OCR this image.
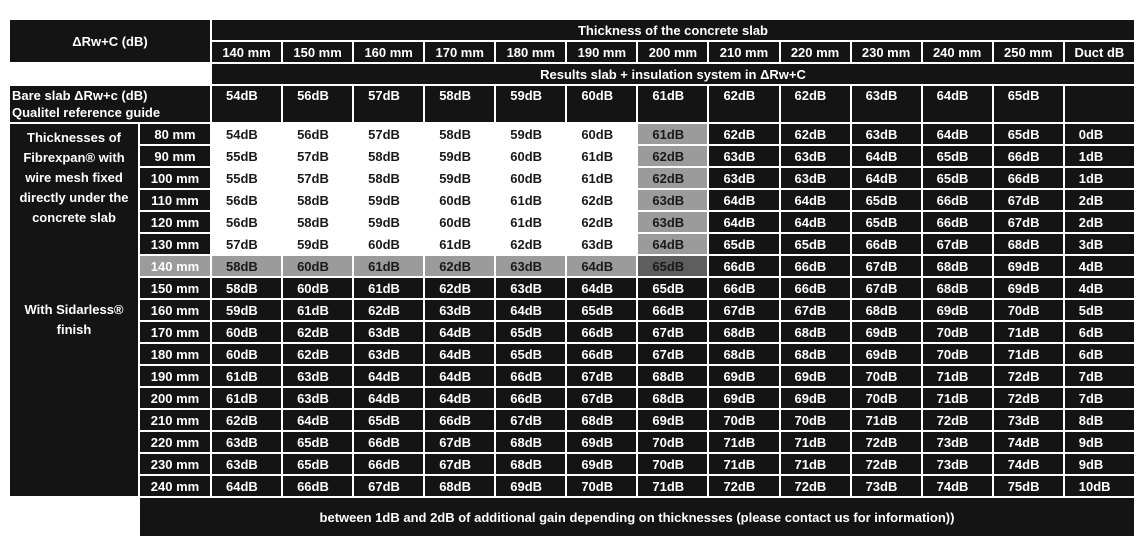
ΔRw+C (dB)		Thickness of the concrete slab												
		140 mm	150 mm	160 mm	170 mm	180 mm	190 mm	200 mm	210 mm	220 mm	230 mm	240 mm	250 mm	Duct dB
		Results slab + insulation system in ΔRw+C												
Bare slab ΔRw+c (dB)
Qualitel reference guide		54dB	56dB	57dB	58dB	59dB	60dB	61dB	62dB	62dB	63dB	64dB	65dB	

Thicknesses of Fibrexpan® with wire mesh fixed directly under the concrete slab
With Sidarless® finish	80 mm	54dB	56dB	57dB	58dB	59dB	60dB	61dB	62dB	62dB	63dB	64dB	65dB	0dB
	90 mm	55dB	57dB	58dB	59dB	60dB	61dB	62dB	63dB	63dB	64dB	65dB	66dB	1dB
	100 mm	55dB	57dB	58dB	59dB	60dB	61dB	62dB	63dB	63dB	64dB	65dB	66dB	1dB
	110 mm	56dB	58dB	59dB	60dB	61dB	62dB	63dB	64dB	64dB	65dB	66dB	67dB	2dB
	120 mm	56dB	58dB	59dB	60dB	61dB	62dB	63dB	64dB	64dB	65dB	66dB	67dB	2dB
	130 mm	57dB	59dB	60dB	61dB	62dB	63dB	64dB	65dB	65dB	66dB	67dB	68dB	3dB
	140 mm	58dB	60dB	61dB	62dB	63dB	64dB	65dB	66dB	66dB	67dB	68dB	69dB	4dB
	150 mm	58dB	60dB	61dB	62dB	63dB	64dB	65dB	66dB	66dB	67dB	68dB	69dB	4dB
	160 mm	59dB	61dB	62dB	63dB	64dB	65dB	66dB	67dB	67dB	68dB	69dB	70dB	5dB
	170 mm	60dB	62dB	63dB	64dB	65dB	66dB	67dB	68dB	68dB	69dB	70dB	71dB	6dB
	180 mm	60dB	62dB	63dB	64dB	65dB	66dB	67dB	68dB	68dB	69dB	70dB	71dB	6dB
	190 mm	61dB	63dB	64dB	64dB	66dB	67dB	68dB	69dB	69dB	70dB	71dB	72dB	7dB
	200 mm	61dB	63dB	64dB	64dB	66dB	67dB	68dB	69dB	69dB	70dB	71dB	72dB	7dB
	210 mm	62dB	64dB	65dB	66dB	67dB	68dB	69dB	70dB	70dB	71dB	72dB	73dB	8dB
	220 mm	63dB	65dB	66dB	67dB	68dB	69dB	70dB	71dB	71dB	72dB	73dB	74dB	9dB
	230 mm	63dB	65dB	66dB	67dB	68dB	69dB	70dB	71dB	71dB	72dB	73dB	74dB	9dB
	240 mm	64dB	66dB	67dB	68dB	69dB	70dB	71dB	72dB	72dB	73dB	74dB	75dB	10dB
	between 1dB and 2dB of additional gain depending on thicknesses (please contact us for information))													
